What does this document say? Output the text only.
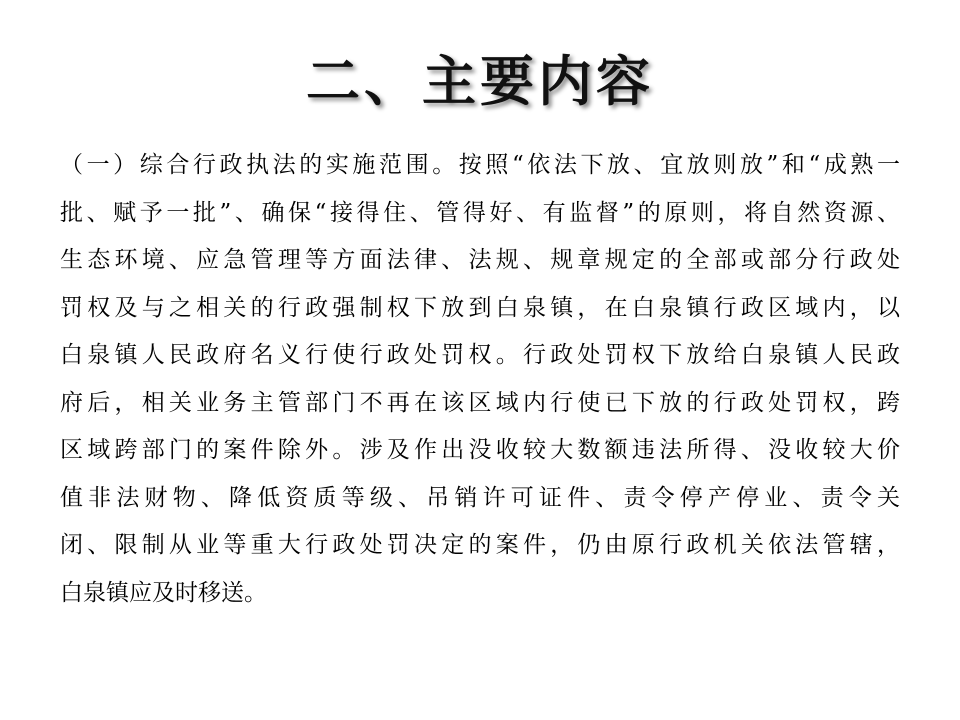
二、主要内容
（一）综合行政执法的实施范围。按照“依法下放、宜放则放”和“成熟一
批、赋予一批”、确保“接得住、管得好、有监督”的原则，将自然资源、
生态环境、应急管理等方面法律、法规、规章规定的全部或部分行政处
罚权及与之相关的行政强制权下放到白泉镇，在白泉镇行政区域内，以
白泉镇人民政府名义行使行政处罚权。行政处罚权下放给白泉镇人民政
府后，相关业务主管部门不再在该区域内行使已下放的行政处罚权，跨
区域跨部门的案件除外。涉及作出没收较大数额违法所得、没收较大价
值非法财物、降低资质等级、吊销许可证件、责令停产停业、责令关
闭、限制从业等重大行政处罚决定的案件，仍由原行政机关依法管辖，
白泉镇应及时移送。
